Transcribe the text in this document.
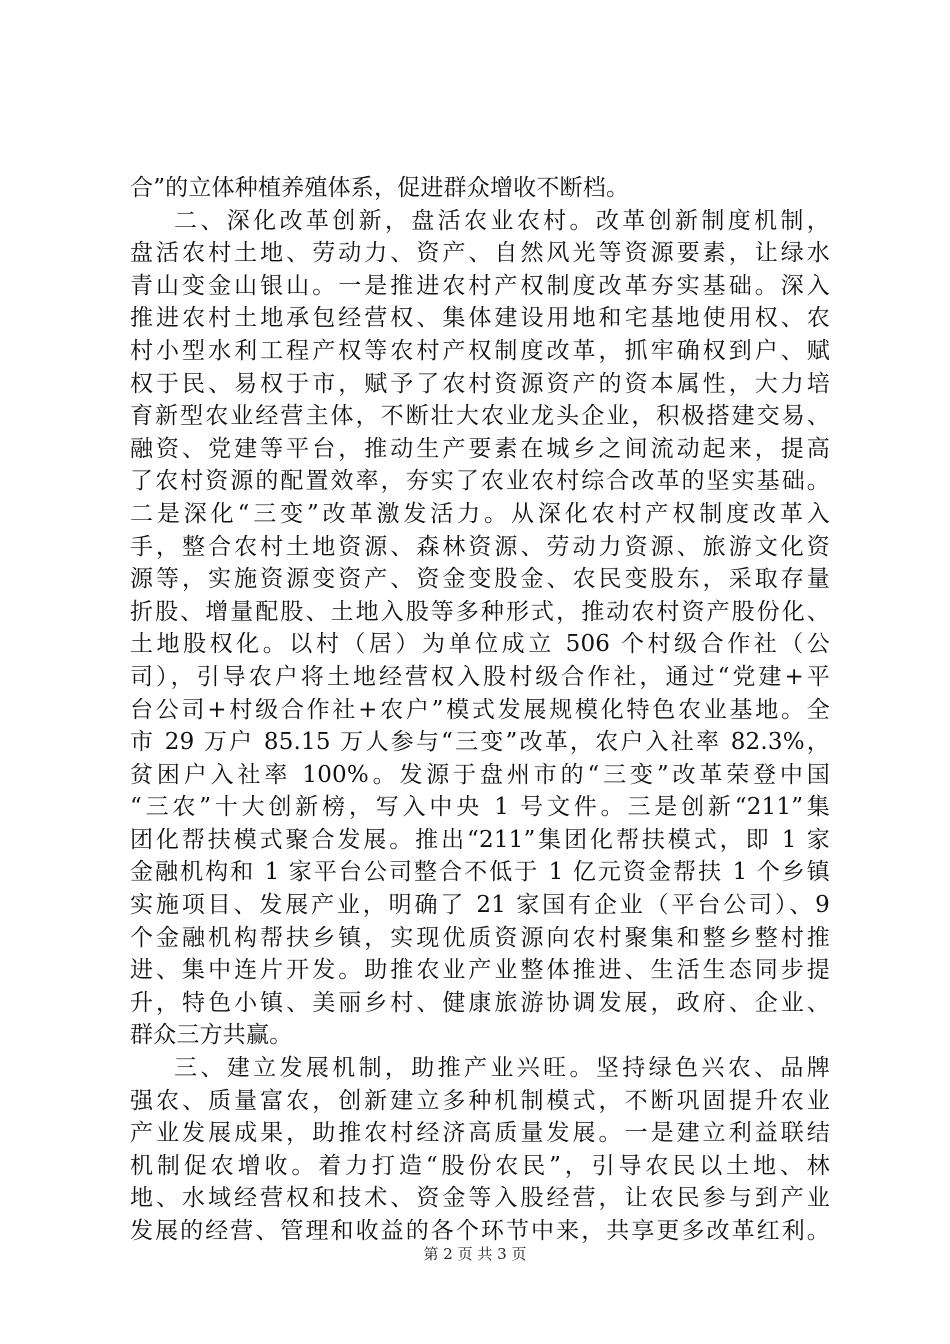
合”的立体种植养殖体系，促进群众增收不断档。
二、深化改革创新，盘活农业农村。改革创新制度机制，
盘活农村土地、劳动力、资产、自然风光等资源要素，让绿水
青山变金山银山。一是推进农村产权制度改革夯实基础。深入
推进农村土地承包经营权、集体建设用地和宅基地使用权、农
村小型水利工程产权等农村产权制度改革，抓牢确权到户、赋
权于民、易权于市，赋予了农村资源资产的资本属性，大力培
育新型农业经营主体，不断壮大农业龙头企业，积极搭建交易、
融资、党建等平台，推动生产要素在城乡之间流动起来，提高
了农村资源的配置效率，夯实了农业农村综合改革的坚实基础。
二是深化“三变”改革激发活力。从深化农村产权制度改革入
手，整合农村土地资源、森林资源、劳动力资源、旅游文化资
源等，实施资源变资产、资金变股金、农民变股东，采取存量
折股、增量配股、土地入股等多种形式，推动农村资产股份化、
土地股权化。以村（居）为单位成立 506 个村级合作社（公
司），引导农户将土地经营权入股村级合作社，通过“党建+平
台公司+村级合作社+农户”模式发展规模化特色农业基地。全
市 29 万户 85.15 万人参与“三变”改革，农户入社率 82.3%，
贫困户入社率 100%。发源于盘州市的“三变”改革荣登中国
“三农”十大创新榜，写入中央 1 号文件。三是创新“211”集
团化帮扶模式聚合发展。推出“211”集团化帮扶模式，即 1 家
金融机构和 1 家平台公司整合不低于 1 亿元资金帮扶 1 个乡镇
实施项目、发展产业，明确了 21 家国有企业（平台公司）、9
个金融机构帮扶乡镇，实现优质资源向农村聚集和整乡整村推
进、集中连片开发。助推农业产业整体推进、生活生态同步提
升，特色小镇、美丽乡村、健康旅游协调发展，政府、企业、
群众三方共赢。
三、建立发展机制，助推产业兴旺。坚持绿色兴农、品牌
强农、质量富农，创新建立多种机制模式，不断巩固提升农业
产业发展成果，助推农村经济高质量发展。一是建立利益联结
机制促农增收。着力打造“股份农民”，引导农民以土地、林
地、水域经营权和技术、资金等入股经营，让农民参与到产业
发展的经营、管理和收益的各个环节中来，共享更多改革红利。
第 2 页 共 3 页
